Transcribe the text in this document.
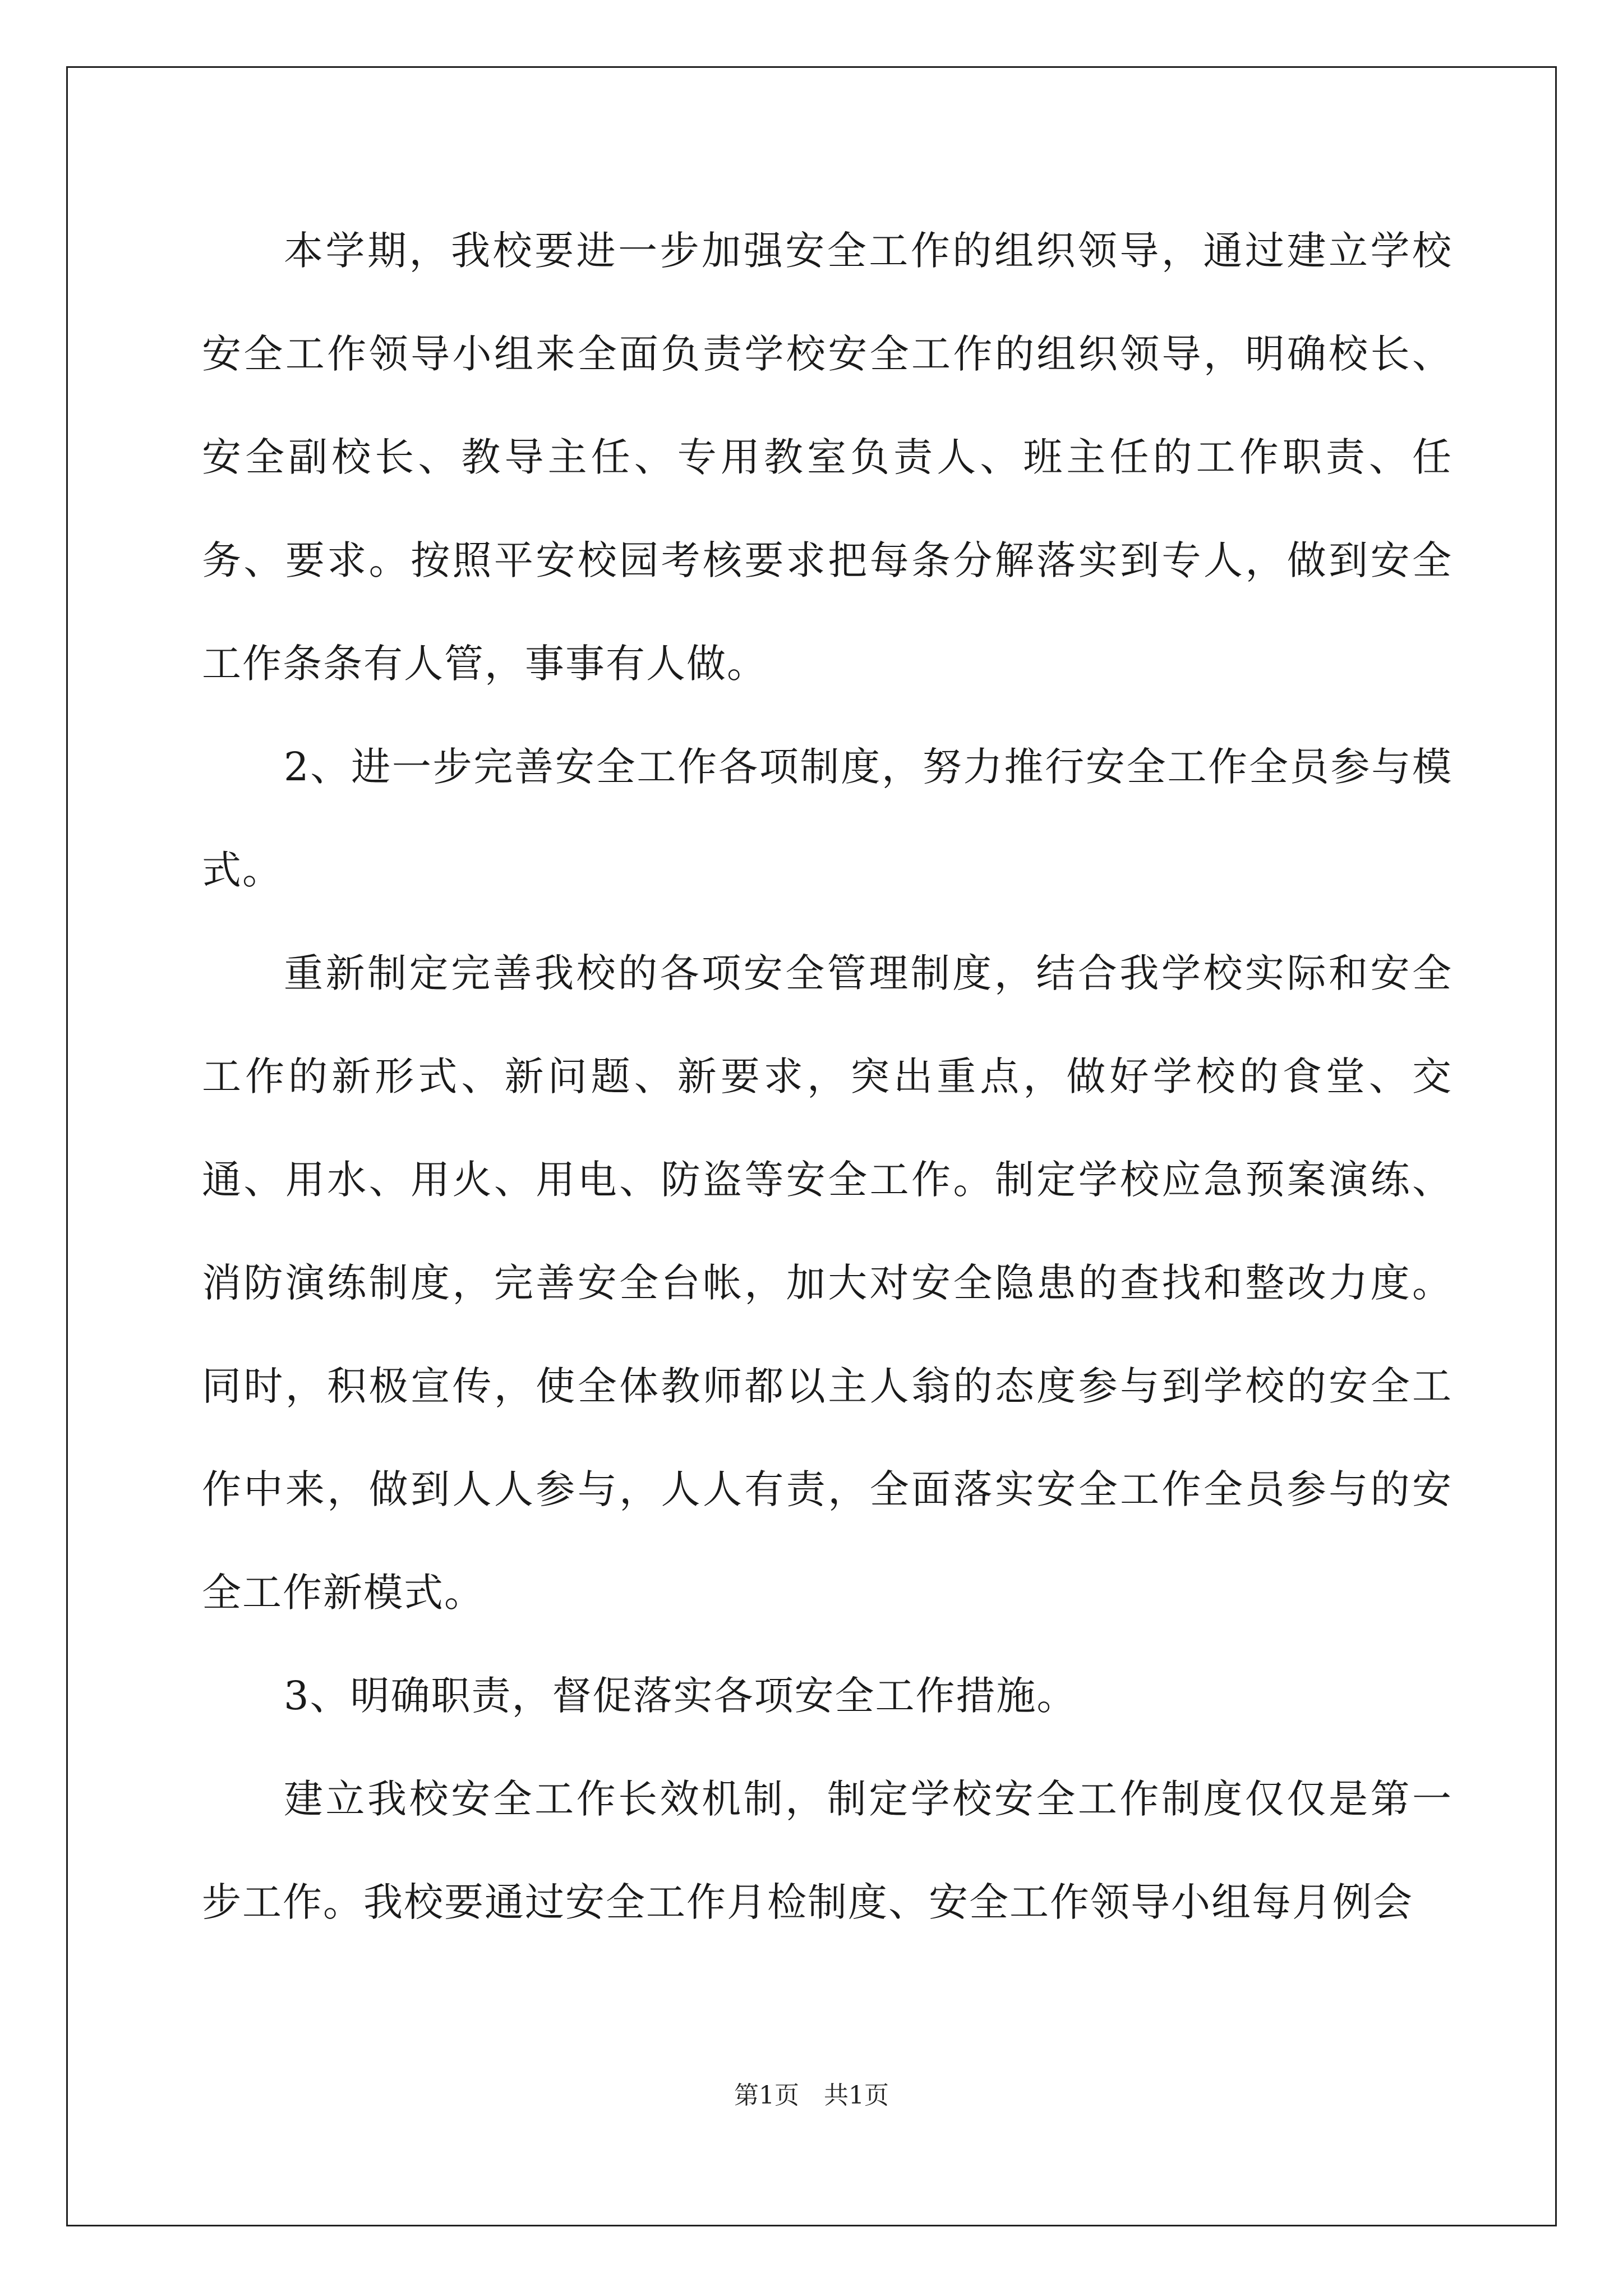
本学期，我校要进一步加强安全工作的组织领导，通过建立学校安全工作领导小组来全面负责学校安全工作的组织领导，明确校长、安全副校长、教导主任、专用教室负责人、班主任的工作职责、任务、要求。按照平安校园考核要求把每条分解落实到专人，做到安全工作条条有人管，事事有人做。

2、进一步完善安全工作各项制度，努力推行安全工作全员参与模式。

重新制定完善我校的各项安全管理制度，结合我学校实际和安全工作的新形式、新问题、新要求，突出重点，做好学校的食堂、交通、用水、用火、用电、防盗等安全工作。制定学校应急预案演练、消防演练制度，完善安全台帐，加大对安全隐患的查找和整改力度。同时，积极宣传，使全体教师都以主人翁的态度参与到学校的安全工作中来，做到人人参与，人人有责，全面落实安全工作全员参与的安全工作新模式。

3、明确职责，督促落实各项安全工作措施。

建立我校安全工作长效机制，制定学校安全工作制度仅仅是第一步工作。我校要通过安全工作月检制度、安全工作领导小组每月例会

第1页　共1页
